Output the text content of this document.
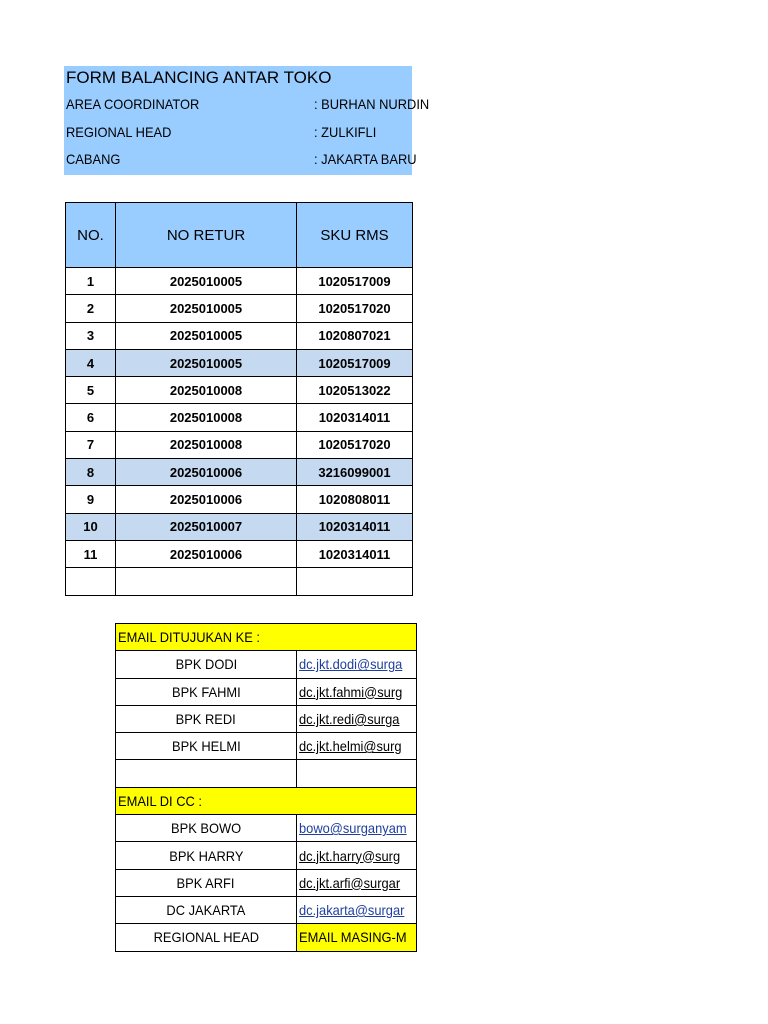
FORM BALANCING ANTAR TOKO
AREA COORDINATOR	: BURHAN NURDIN
REGIONAL HEAD	: ZULKIFLI
CABANG	: JAKARTA BARU
NO.	NO RETUR	SKU RMS
1	2025010005	1020517009
2	2025010005	1020517020
3	2025010005	1020807021
4	2025010005	1020517009
5	2025010008	1020513022
6	2025010008	1020314011
7	2025010008	1020517020
8	2025010006	3216099001
9	2025010006	1020808011
10	2025010007	1020314011
11	2025010006	1020314011

EMAIL DITUJUKAN KE :	
BPK DODI	dc.jkt.dodi@surga
BPK FAHMI	dc.jkt.fahmi@surg
BPK REDI	dc.jkt.redi@surga
BPK HELMI	dc.jkt.helmi@surg

EMAIL DI CC :	
BPK BOWO	bowo@surganyam
BPK HARRY	dc.jkt.harry@surg
BPK ARFI	dc.jkt.arfi@surgar
DC JAKARTA	dc.jakarta@surgar
REGIONAL HEAD	EMAIL MASING-M
